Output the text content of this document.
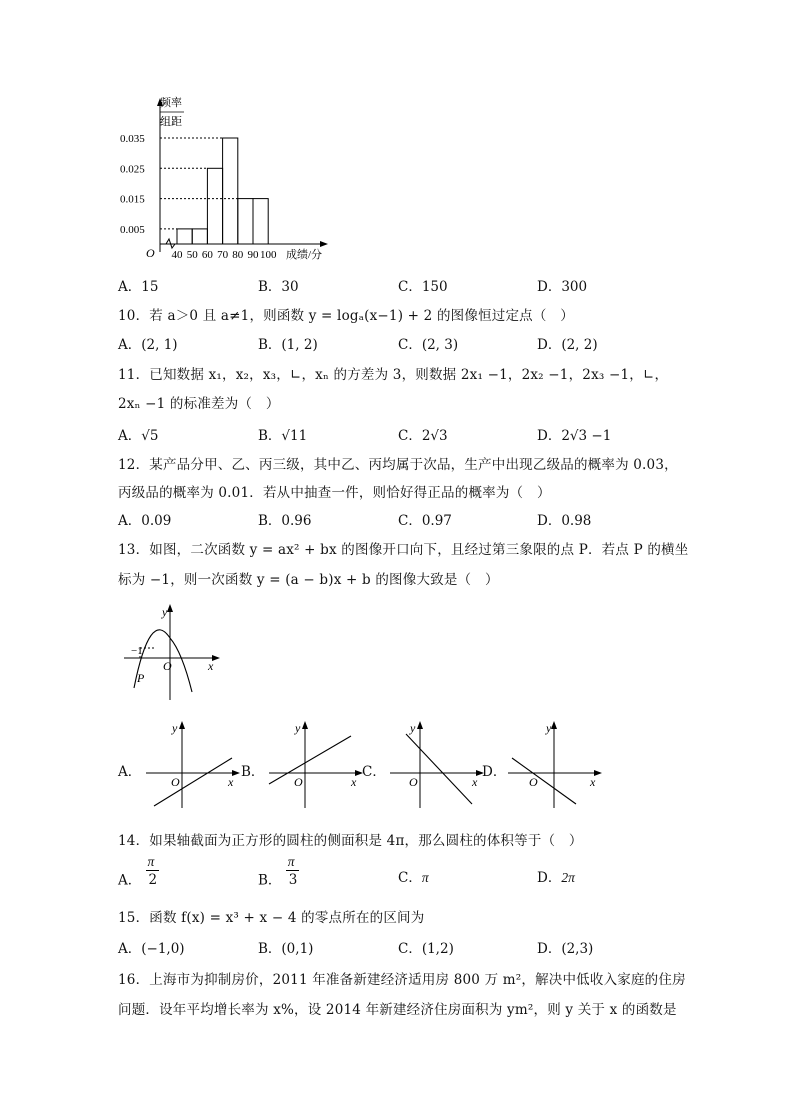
频率
组距
0.035
0.025
0.015
0.005
40 50 60 70 80 90 100
O	成绩/分
A．15	B．30	C．150	D．300
10．若 a＞0 且 a≠1，则函数 y = logₐ(x−1) + 2 的图像恒过定点（　）
A．(2, 1)	B．(1, 2)	C．(2, 3)	D．(2, 2)
11．已知数据 x₁，x₂，x₃，∟，xₙ 的方差为 3，则数据 2x₁ −1，2x₂ −1，2x₃ −1，∟，
2xₙ −1 的标准差为（　）
A．√5	B．√11	C．2√3	D．2√3 −1
12．某产品分甲、乙、丙三级，其中乙、丙均属于次品，生产中出现乙级品的概率为 0.03，
丙级品的概率为 0.01．若从中抽查一件，则恰好得正品的概率为（　）
A．0.09	B．0.96	C．0.97	D．0.98
13．如图，二次函数 y = ax² + bx 的图像开口向下，且经过第三象限的点 P．若点 P 的横坐
标为 −1，则一次函数 y = (a − b)x + b 的图像大致是（　）
y
x
O
−1
P
A．
y
x
O
B．
y
x
O
C．
y
x
O
D．
y
x
O
14．如果轴截面为正方形的圆柱的侧面积是 4π，那么圆柱的体积等于（　）
A． $\frac{\pi}{2}$	B． $\frac{\pi}{3}$	C．π	D．2π
15．函数 f(x) = x³ + x − 4 的零点所在的区间为
A．(−1,0)	B．(0,1)	C．(1,2)	D．(2,3)
16．上海市为抑制房价，2011 年准备新建经济适用房 800 万 m²，解决中低收入家庭的住房
问题．设年平均增长率为 x%，设 2014 年新建经济住房面积为 ym²，则 y 关于 x 的函数是
